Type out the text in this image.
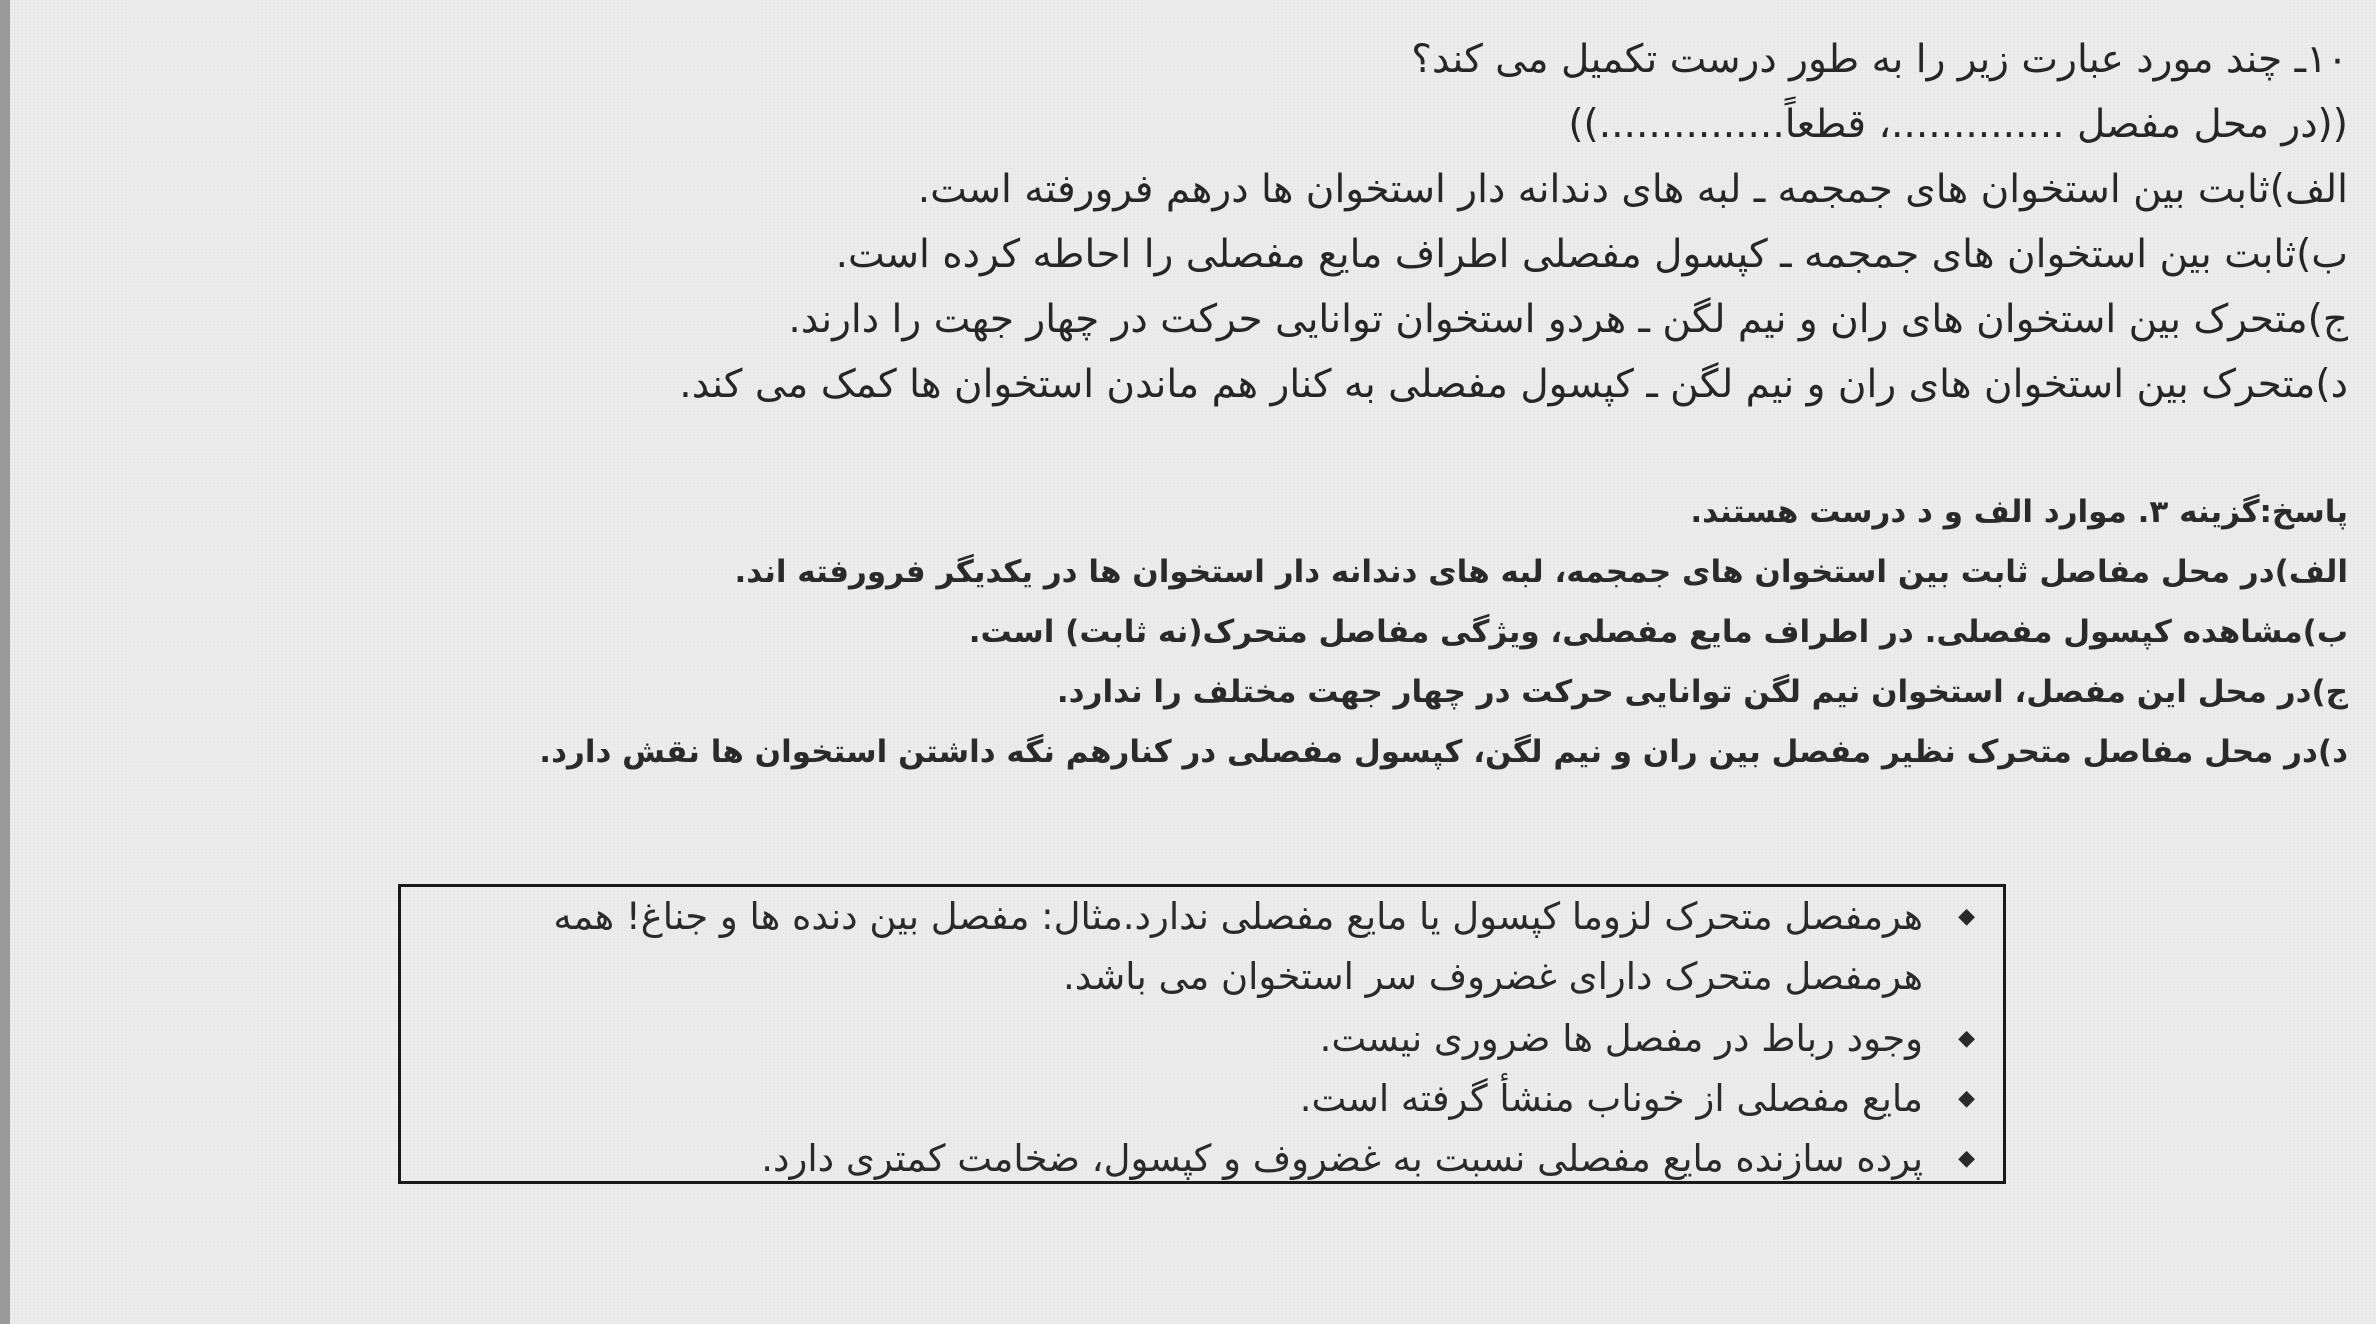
۱۰ـ چند مورد عبارت زیر را به طور درست تکمیل می کند؟
((در محل مفصل ..............، قطعاً...............))
الف)ثابت بین استخوان های جمجمه ـ لبه های دندانه دار استخوان ها درهم فرورفته است.
ب)ثابت بین استخوان های جمجمه ـ کپسول مفصلی اطراف مایع مفصلی را احاطه کرده است.
ج)متحرک بین استخوان های ران و نیم لگن ـ هردو استخوان توانایی حرکت در چهار جهت را دارند.
د)متحرک بین استخوان های ران و نیم لگن ـ کپسول مفصلی به کنار هم ماندن استخوان ها کمک می کند.
پاسخ:گزینه ۳. موارد الف و د درست هستند.
الف)در محل مفاصل ثابت بین استخوان های جمجمه، لبه های دندانه دار استخوان ها در یکدیگر فرورفته اند.
ب)مشاهده کپسول مفصلی. در اطراف مایع مفصلی، ویژگی مفاصل متحرک(نه ثابت) است.
ج)در محل این مفصل، استخوان نیم لگن توانایی حرکت در چهار جهت مختلف را ندارد.
د)در محل مفاصل متحرک نظیر مفصل بین ران و نیم لگن، کپسول مفصلی در کنارهم نگه داشتن استخوان ها نقش دارد.
◆
هرمفصل متحرک لزوما کپسول یا مایع مفصلی ندارد.مثال: مفصل بین دنده ها و جناغ! همه هرمفصل متحرک دارای غضروف سر استخوان می باشد.
◆
وجود رباط در مفصل ها ضروری نیست.
◆
مایع مفصلی از خوناب منشأ گرفته است.
◆
پرده سازنده مایع مفصلی نسبت به غضروف و کپسول، ضخامت کمتری دارد.
